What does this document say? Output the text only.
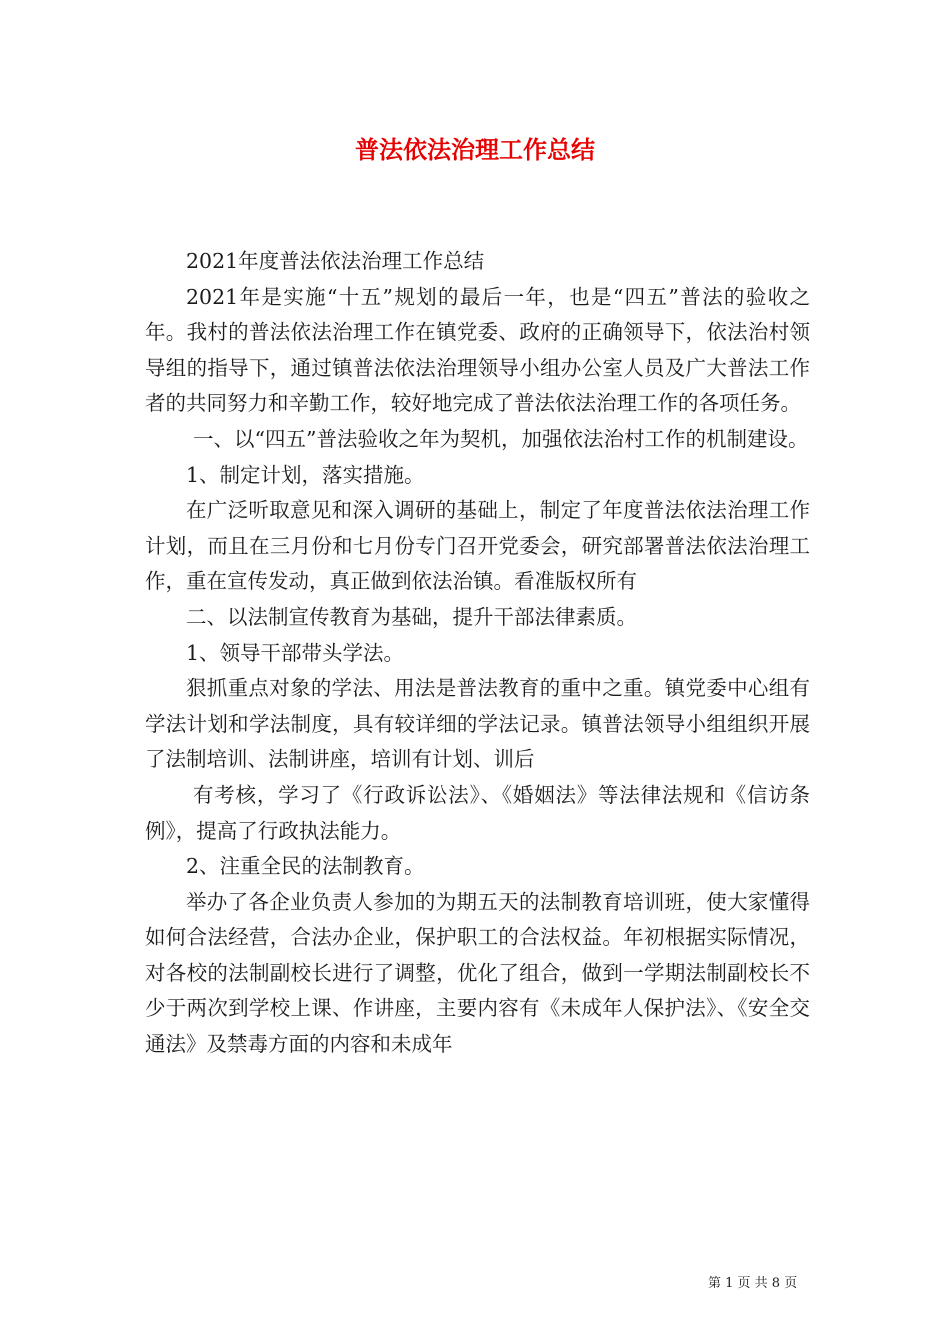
普法依法治理工作总结

2021年度普法依法治理工作总结

2021年是实施“十五”规划的最后一年，也是“四五”普法的验收之年。我村的普法依法治理工作在镇党委、政府的正确领导下，依法治村领导组的指导下，通过镇普法依法治理领导小组办公室人员及广大普法工作者的共同努力和辛勤工作，较好地完成了普法依法治理工作的各项任务。

一、以“四五”普法验收之年为契机，加强依法治村工作的机制建设。

1、制定计划，落实措施。

在广泛听取意见和深入调研的基础上，制定了年度普法依法治理工作计划，而且在三月份和七月份专门召开党委会，研究部署普法依法治理工作，重在宣传发动，真正做到依法治镇。看准版权所有

二、以法制宣传教育为基础，提升干部法律素质。

1、领导干部带头学法。

狠抓重点对象的学法、用法是普法教育的重中之重。镇党委中心组有学法计划和学法制度，具有较详细的学法记录。镇普法领导小组组织开展了法制培训、法制讲座，培训有计划、训后

有考核，学习了《行政诉讼法》、《婚姻法》等法律法规和《信访条例》，提高了行政执法能力。

2、注重全民的法制教育。

举办了各企业负责人参加的为期五天的法制教育培训班，使大家懂得如何合法经营，合法办企业，保护职工的合法权益。年初根据实际情况，对各校的法制副校长进行了调整，优化了组合，做到一学期法制副校长不少于两次到学校上课、作讲座，主要内容有《未成年人保护法》、《安全交通法》及禁毒方面的内容和未成年

第 1 页 共 8 页
